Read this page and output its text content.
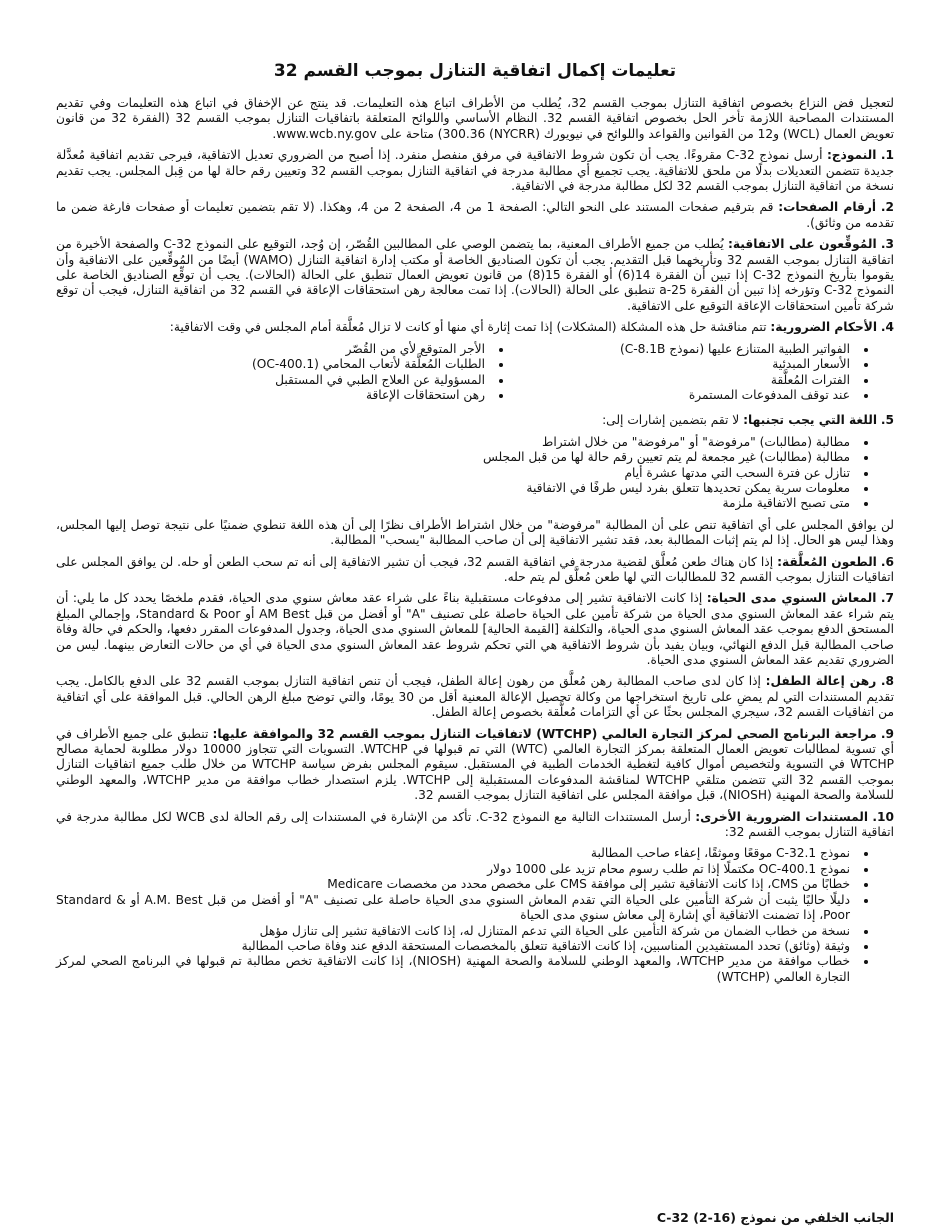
تعليمات إكمال اتفاقية التنازل بموجب القسم 32

لتعجيل فض النزاع بخصوص اتفاقية التنازل بموجب القسم 32، يُطلب من الأطراف اتباع هذه التعليمات. قد ينتج عن الإخفاق في اتباع هذه التعليمات وفي تقديم المستندات المصاحبة اللازمة تأخر الحل بخصوص اتفاقية القسم 32. النظام الأساسي واللوائح المتعلقة باتفاقيات التنازل بموجب القسم 32 (الفقرة 32 من قانون تعويض العمال (WCL) و12 من القوانين والقواعد واللوائح في نيويورك (NYCRR) 300.36) متاحة على www.wcb.ny.gov.

1. النموذج: أرسل نموذج C-32 مقروءًا. يجب أن تكون شروط الاتفاقية في مرفق منفصل منفرد. إذا أصبح من الضروري تعديل الاتفاقية، فيرجى تقديم اتفاقية مُعدَّلة جديدة تتضمن التعديلات بدلًا من ملحق للاتفاقية. يجب تجميع أي مطالبة مدرجة في اتفاقية التنازل بموجب القسم 32 وتعيين رقم حالة لها من قِبل المجلس. يجب تقديم نسخة من اتفاقية التنازل بموجب القسم 32 لكل مطالبة مدرجة في الاتفاقية.

2. أرقام الصفحات: قم بترقيم صفحات المستند على النحو التالي: الصفحة 1 من 4، الصفحة 2 من 4، وهكذا. (لا تقم بتضمين تعليمات أو صفحات فارغة ضمن ما تقدمه من وثائق).

3. المُوقِّعون على الاتفاقية: يُطلب من جميع الأطراف المعنية، بما يتضمن الوصي على المطالبين القُصّر، إن وُجد، التوقيع على النموذج C-32 والصفحة الأخيرة من اتفاقية التنازل بموجب القسم 32 وتأريخهما قبل التقديم. يجب أن تكون الصناديق الخاصة أو مكتب إدارة اتفاقية التنازل (WAMO) أيضًا من المُوقِّعين على الاتفاقية وأن يقوموا بتأريخ النموذج C-32 إذا تبين أن الفقرة 14(6) أو الفقرة 15(8) من قانون تعويض العمال تنطبق على الحالة (الحالات). يجب أن توقِّع الصناديق الخاصة على النموذج C-32 وتؤرخه إذا تبين أن الفقرة 25-a تنطبق على الحالة (الحالات). إذا تمت معالجة رهن استحقاقات الإعاقة في القسم 32 من اتفاقية التنازل، فيجب أن توقع شركة تأمين استحقاقات الإعاقة التوقيع على الاتفاقية.

4. الأحكام الضرورية: تتم مناقشة حل هذه المشكلة (المشكلات) إذا تمت إثارة أي منها أو كانت لا تزال مُعلَّقة أمام المجلس في وقت الاتفاقية:

• الفواتير الطبية المتنازع عليها (نموذج C-8.1B)
• الأسعار المبدئية
• الفترات المُعلَّقة
• عند توقف المدفوعات المستمرة
• الأجر المتوقع لأي من القُصّر
• الطلبات المُعلَّقة لأتعاب المحامي (OC-400.1)
• المسؤولية عن العلاج الطبي في المستقبل
• رهن استحقاقات الإعاقة

5. اللغة التي يجب تجنبها: لا تقم بتضمين إشارات إلى:

• مطالبة (مطالبات) "مرفوضة" أو "مرفوضة" من خلال اشتراط
• مطالبة (مطالبات) غير مجمعة لم يتم تعيين رقم حالة لها من قبل المجلس
• تنازل عن فترة السحب التي مدتها عشرة أيام
• معلومات سرية يمكن تحديدها تتعلق بفرد ليس طرفًا في الاتفاقية
• متى تصبح الاتفاقية ملزمة

لن يوافق المجلس على أي اتفاقية تنص على أن المطالبة "مرفوضة" من خلال اشتراط الأطراف نظرًا إلى أن هذه اللغة تنطوي ضمنيًا على نتيجة توصل إليها المجلس، وهذا ليس هو الحال. إذا لم يتم إثبات المطالبة بعد، فقد تشير الاتفاقية إلى أن صاحب المطالبة "يسحب" المطالبة.

6. الطعون المُعلَّقة: إذا كان هناك طعن مُعلَّق لقضية مدرجة في اتفاقية القسم 32، فيجب أن تشير الاتفاقية إلى أنه تم سحب الطعن أو حله. لن يوافق المجلس على اتفاقيات التنازل بموجب القسم 32 للمطالبات التي لها طعن مُعلَّق لم يتم حله.

7. المعاش السنوي مدى الحياة: إذا كانت الاتفاقية تشير إلى مدفوعات مستقبلية بناءً على شراء عقد معاش سنوي مدى الحياة، فقدم ملخصًا يحدد كل ما يلي: أن يتم شراء عقد المعاش السنوي مدى الحياة من شركة تأمين على الحياة حاصلة على تصنيف "A" أو أفضل من قبل AM Best أو Standard & Poor، وإجمالي المبلغ المستحق الدفع بموجب عقد المعاش السنوي مدى الحياة، والتكلفة [القيمة الحالية] للمعاش السنوي مدى الحياة، وجدول المدفوعات المقرر دفعها، والحكم في حالة وفاة صاحب المطالبة قبل الدفع النهائي، وبيان يفيد بأن شروط الاتفاقية هي التي تحكم شروط عقد المعاش السنوي مدى الحياة في أي من حالات التعارض بينهما. ليس من الضروري تقديم عقد المعاش السنوي مدى الحياة.

8. رهن إعالة الطفل: إذا كان لدى صاحب المطالبة رهن مُعلَّق من رهون إعالة الطفل، فيجب أن تنص اتفاقية التنازل بموجب القسم 32 على الدفع بالكامل. يجب تقديم المستندات التي لم يمضِ على تاريخ استخراجها من وكالة تحصيل الإعالة المعنية أقل من 30 يومًا، والتي توضح مبلغ الرهن الحالي. قبل الموافقة على أي اتفاقية من اتفاقيات القسم 32، سيجري المجلس بحثًا عن أي التزامات مُعلَّقة بخصوص إعالة الطفل.

9. مراجعة البرنامج الصحي لمركز التجارة العالمي (WTCHP) لاتفاقيات التنازل بموجب القسم 32 والموافقة عليها: تنطبق على جميع الأطراف في أي تسوية لمطالبات تعويض العمال المتعلقة بمركز التجارة العالمي (WTC) التي تم قبولها في WTCHP. التسويات التي تتجاوز 10000 دولار مطلوبة لحماية مصالح WTCHP في التسوية ولتخصيص أموال كافية لتغطية الخدمات الطبية في المستقبل. سيقوم المجلس بفرض سياسة WTCHP من خلال طلب جميع اتفاقيات التنازل بموجب القسم 32 التي تتضمن متلقي WTCHP لمناقشة المدفوعات المستقبلية إلى WTCHP. يلزم استصدار خطاب موافقة من مدير WTCHP، والمعهد الوطني للسلامة والصحة المهنية (NIOSH)، قبل موافقة المجلس على اتفاقية التنازل بموجب القسم 32.

10. المستندات الضرورية الأخرى: أرسل المستندات التالية مع النموذج C-32. تأكد من الإشارة في المستندات إلى رقم الحالة لدى WCB لكل مطالبة مدرجة في اتفاقية التنازل بموجب القسم 32:

• نموذج C-32.1 موقعًا وموثقًا، إعفاء صاحب المطالبة
• نموذج OC-400.1 مكتملًا إذا تم طلب رسوم محام تزيد على 1000 دولار
• خطابًا من CMS، إذا كانت الاتفاقية تشير إلى موافقة CMS على مخصص محدد من مخصصات Medicare
• دليلًا حاليًا يثبت أن شركة التأمين على الحياة التي تقدم المعاش السنوي مدى الحياة حاصلة على تصنيف "A" أو أفضل من قبل A.M. Best أو Standard & Poor، إذا تضمنت الاتفاقية أي إشارة إلى معاش سنوي مدى الحياة
• نسخة من خطاب الضمان من شركة التأمين على الحياة التي تدعم المتنازل له، إذا كانت الاتفاقية تشير إلى تنازل مؤهل
• وثيقة (وثائق) تحدد المستفيدين المناسبين، إذا كانت الاتفاقية تتعلق بالمخصصات المستحقة الدفع عند وفاة صاحب المطالبة
• خطاب موافقة من مدير WTCHP، والمعهد الوطني للسلامة والصحة المهنية (NIOSH)، إذا كانت الاتفاقية تخص مطالبة تم قبولها في البرنامج الصحي لمركز التجارة العالمي (WTCHP)
الجانب الخلفي من نموذج C-32 (2-16)
